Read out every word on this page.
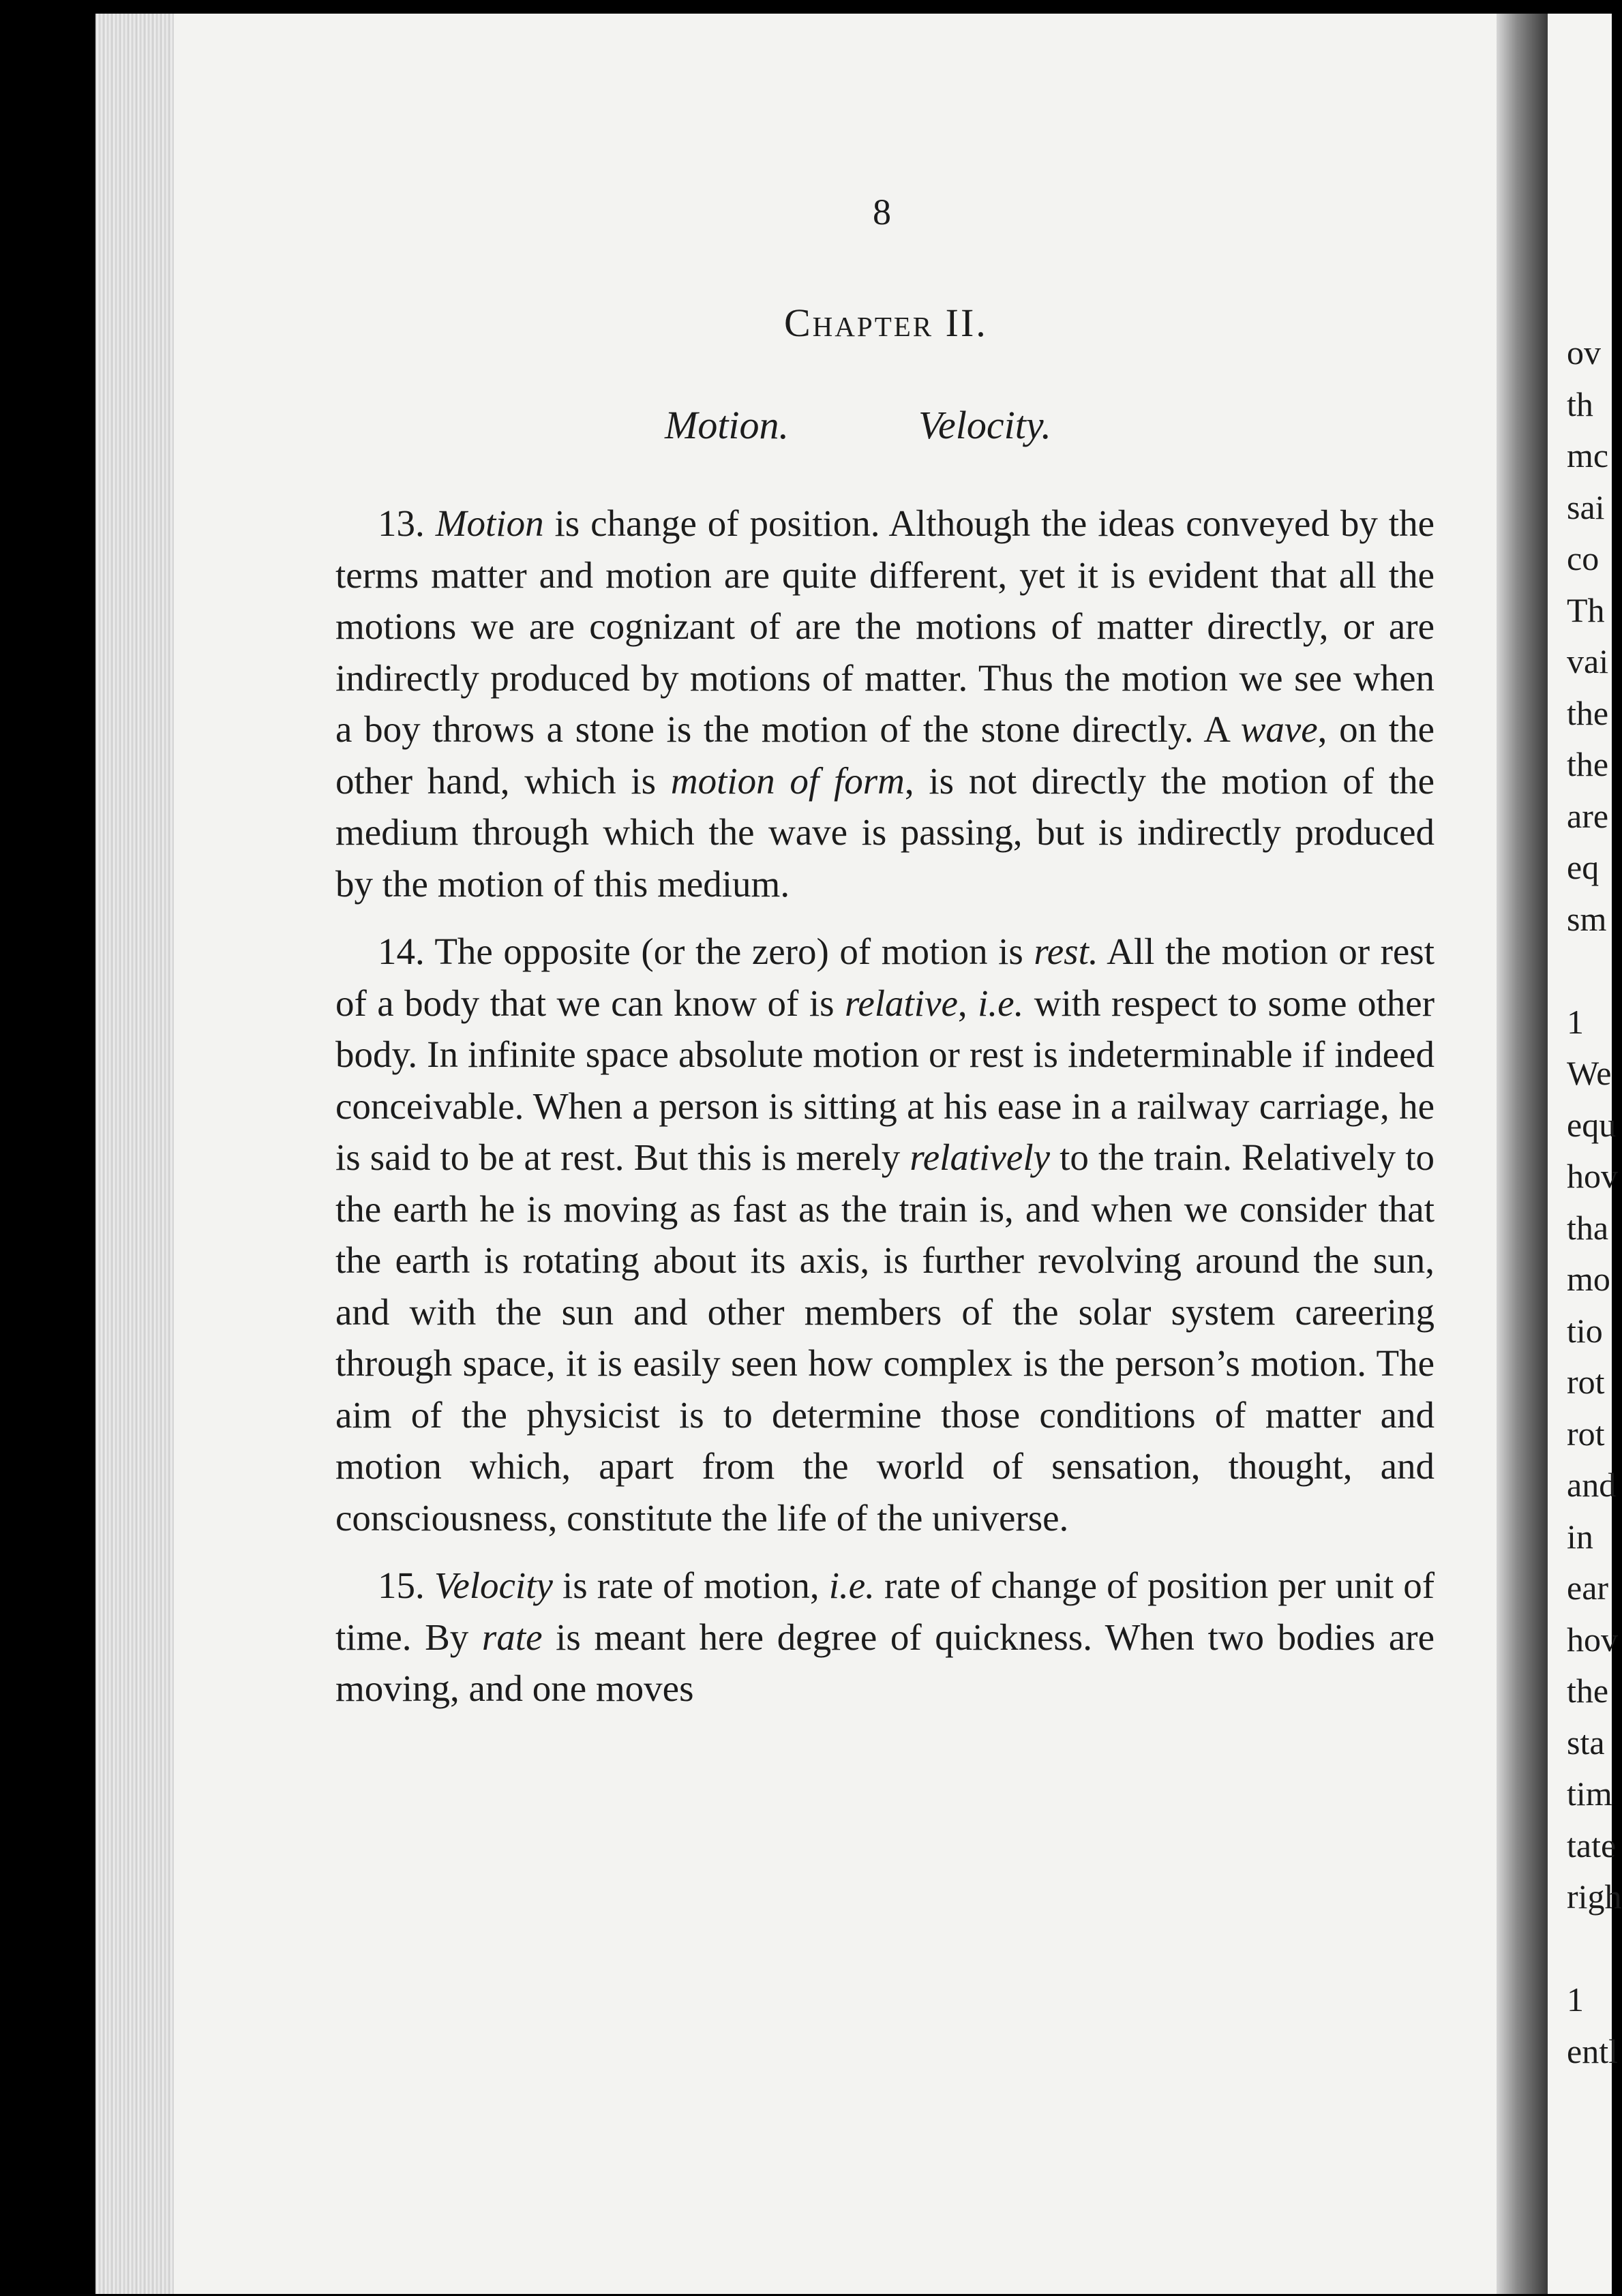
8
Chapter II.
Motion.	Velocity.

13. Motion is change of position. Although the ideas conveyed by the terms matter and motion are quite different, yet it is evident that all the motions we are cognizant of are the motions of matter directly, or are indirectly produced by motions of matter. Thus the motion we see when a boy throws a stone is the motion of the stone directly. A wave, on the other hand, which is motion of form, is not directly the motion of the medium through which the wave is passing, but is indirectly produced by the motion of this medium.

14. The opposite (or the zero) of motion is rest. All the motion or rest of a body that we can know of is relative, i.e. with respect to some other body. In infinite space absolute motion or rest is indeterminable if indeed conceivable. When a person is sitting at his ease in a railway carriage, he is said to be at rest. But this is merely relatively to the train. Relatively to the earth he is moving as fast as the train is, and when we consider that the earth is rotating about its axis, is further revolving around the sun, and with the sun and other members of the solar system careering through space, it is easily seen how complex is the person’s motion. The aim of the physicist is to determine those conditions of matter and motion which, apart from the world of sensation, thought, and consciousness, constitute the life of the universe.

15. Velocity is rate of motion, i.e. rate of change of position per unit of time. By rate is meant here degree of quickness. When two bodies are moving, and one moves

ov
th
mc
sai
co
Th
vai
the
the
are
eq
sm
1
We
equ
hov
tha
mo
tio
rot
rot
and
in
ear
hov
the
sta
tim
tate
righ
1
entl
